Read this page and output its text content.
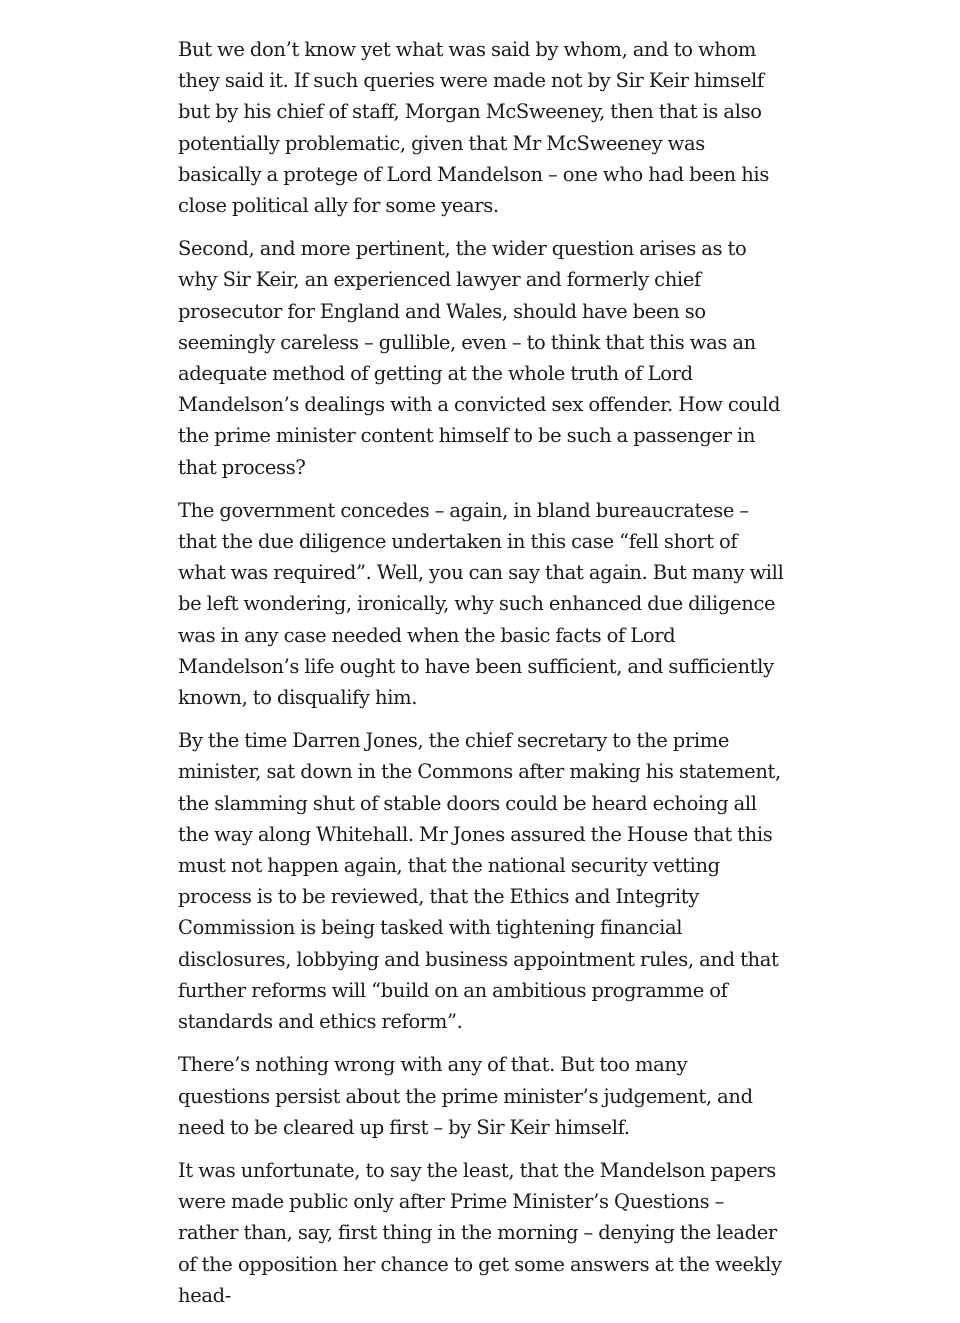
But we don’t know yet what was said by whom, and to whom they said it. If such queries were made not by Sir Keir himself but by his chief of staff, Morgan McSweeney, then that is also potentially problematic, given that Mr McSweeney was basically a protege of Lord Mandelson – one who had been his close political ally for some years.

Second, and more pertinent, the wider question arises as to why Sir Keir, an experienced lawyer and formerly chief prosecutor for England and Wales, should have been so seemingly careless – gullible, even – to think that this was an adequate method of getting at the whole truth of Lord Mandelson’s dealings with a convicted sex offender. How could the prime minister content himself to be such a passenger in that process?

The government concedes – again, in bland bureaucratese – that the due diligence undertaken in this case “fell short of what was required”. Well, you can say that again. But many will be left wondering, ironically, why such enhanced due diligence was in any case needed when the basic facts of Lord Mandelson’s life ought to have been sufficient, and sufficiently known, to disqualify him.

By the time Darren Jones, the chief secretary to the prime minister, sat down in the Commons after making his statement, the slamming shut of stable doors could be heard echoing all the way along Whitehall. Mr Jones assured the House that this must not happen again, that the national security vetting process is to be reviewed, that the Ethics and Integrity Commission is being tasked with tightening financial disclosures, lobbying and business appointment rules, and that further reforms will “build on an ambitious programme of standards and ethics reform”.

There’s nothing wrong with any of that. But too many questions persist about the prime minister’s judgement, and need to be cleared up first – by Sir Keir himself.

It was unfortunate, to say the least, that the Mandelson papers were made public only after Prime Minister’s Questions – rather than, say, first thing in the morning – denying the leader of the opposition her chance to get some answers at the weekly head-
